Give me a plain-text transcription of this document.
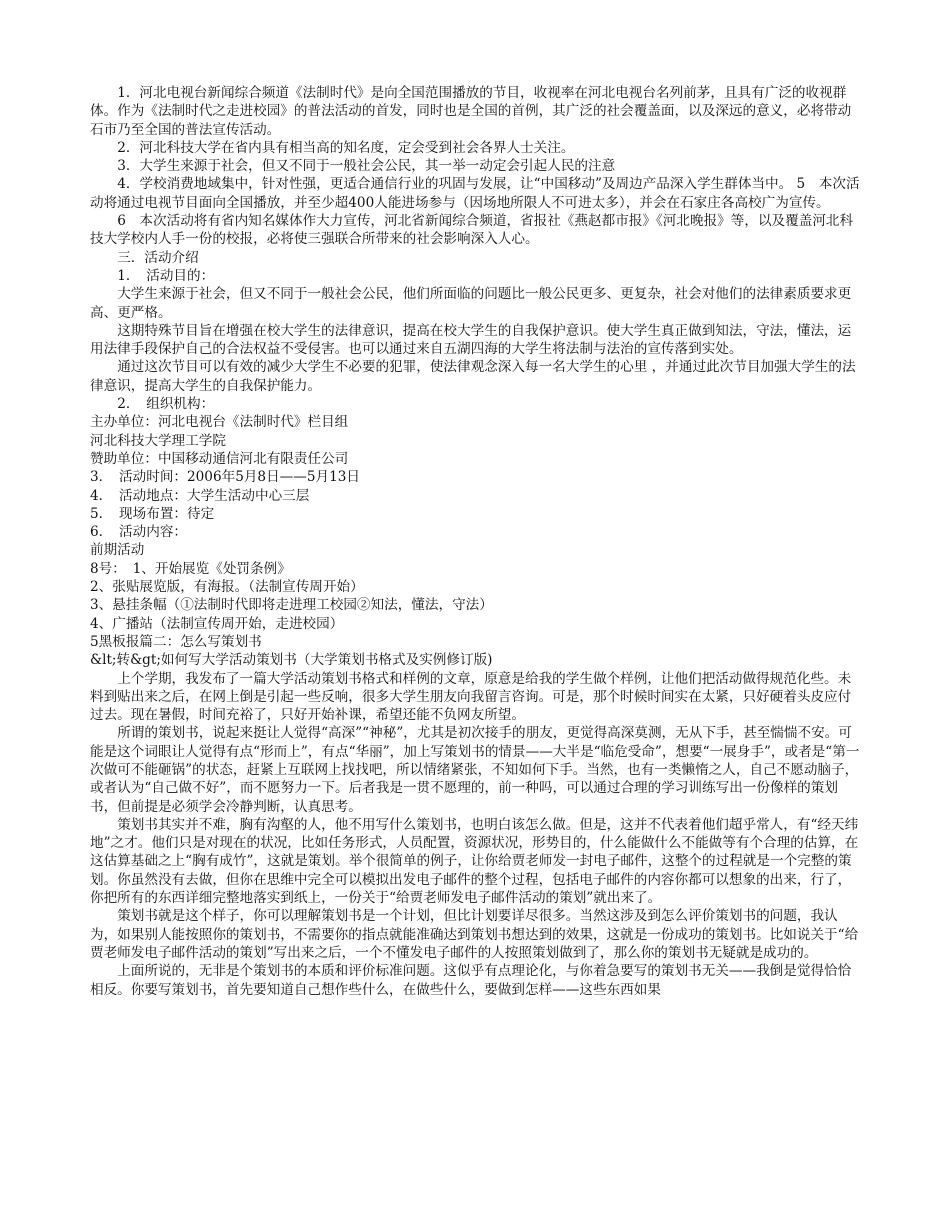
1．河北电视台新闻综合频道《法制时代》是向全国范围播放的节目，收视率在河北电视台名列前茅，且具有广泛的收视群体。作为《法制时代之走进校园》的普法活动的首发，同时也是全国的首例，其广泛的社会覆盖面，以及深远的意义，必将带动石市乃至全国的普法宣传活动。

2．河北科技大学在省内具有相当高的知名度，定会受到社会各界人士关注。

3．大学生来源于社会，但又不同于一般社会公民，其一举一动定会引起人民的注意

4．学校消费地域集中，针对性强，更适合通信行业的巩固与发展，让“中国移动”及周边产品深入学生群体当中。 5　本次活动将通过电视节目面向全国播放，并至少超400人能进场参与（因场地所限人不可进太多），并会在石家庄各高校广为宣传。

6　本次活动将有省内知名媒体作大力宣传，河北省新闻综合频道，省报社《燕赵都市报》《河北晚报》等，以及覆盖河北科技大学校内人手一份的校报，必将使三强联合所带来的社会影响深入人心。

三．活动介绍

1．　活动目的：

大学生来源于社会，但又不同于一般社会公民，他们所面临的问题比一般公民更多、更复杂，社会对他们的法律素质要求更高、更严格。

这期特殊节目旨在增强在校大学生的法律意识，提高在校大学生的自我保护意识。使大学生真正做到知法，守法，懂法，运用法律手段保护自己的合法权益不受侵害。也可以通过来自五湖四海的大学生将法制与法治的宣传落到实处。

通过这次节目可以有效的减少大学生不必要的犯罪，使法律观念深入每一名大学生的心里 ，并通过此次节目加强大学生的法律意识，提高大学生的自我保护能力。

2．　组织机构：

主办单位：河北电视台《法制时代》栏目组

河北科技大学理工学院

赞助单位：中国移动通信河北有限责任公司

3．　活动时间：2006年5月8日——5月13日

4．　活动地点：大学生活动中心三层

5．　现场布置：待定

6．　活动内容：

前期活动

8号：　1、开始展览《处罚条例》

2、张贴展览版，有海报。（法制宣传周开始）

3、悬挂条幅（①法制时代即将走进理工校园②知法，懂法，守法）

4、广播站（法制宣传周开始，走进校园）

5黑板报篇二：怎么写策划书

&lt;转&gt;如何写大学活动策划书（大学策划书格式及实例修订版)

上个学期，我发布了一篇大学活动策划书格式和样例的文章，原意是给我的学生做个样例，让他们把活动做得规范化些。未料到贴出来之后，在网上倒是引起一些反响，很多大学生朋友向我留言咨询。可是，那个时候时间实在太紧，只好硬着头皮应付过去。现在暑假，时间充裕了，只好开始补课，希望还能不负网友所望。

所谓的策划书，说起来挺让人觉得“高深”“神秘”，尤其是初次接手的朋友，更觉得高深莫测，无从下手，甚至惴惴不安。可能是这个词眼让人觉得有点“形而上”，有点“华丽”，加上写策划书的情景——大半是“临危受命”，想要“一展身手”，或者是“第一次做可不能砸锅”的状态，赶紧上互联网上找找吧，所以情绪紧张，不知如何下手。当然，也有一类懒惰之人，自己不愿动脑子，或者认为“自己做不好”，而不愿努力一下。后者我是一贯不愿理的，前一种吗，可以通过合理的学习训练写出一份像样的策划书，但前提是必须学会冷静判断，认真思考。

策划书其实并不难，胸有沟壑的人，他不用写什么策划书，也明白该怎么做。但是，这并不代表着他们超乎常人，有“经天纬地”之才。他们只是对现在的状况，比如任务形式，人员配置，资源状况，形势目的，什么能做什么不能做等有个合理的估算，在这估算基础之上“胸有成竹”，这就是策划。举个很简单的例子，让你给贾老师发一封电子邮件，这整个的过程就是一个完整的策划。你虽然没有去做，但你在思维中完全可以模拟出发电子邮件的整个过程，包括电子邮件的内容你都可以想象的出来，行了，你把所有的东西详细完整地落实到纸上，一份关于“给贾老师发电子邮件活动的策划”就出来了。

策划书就是这个样子，你可以理解策划书是一个计划，但比计划要详尽很多。当然这涉及到怎么评价策划书的问题，我认为，如果别人能按照你的策划书，不需要你的指点就能准确达到策划书想达到的效果，这就是一份成功的策划书。比如说关于“给贾老师发电子邮件活动的策划”写出来之后，一个不懂发电子邮件的人按照策划做到了，那么你的策划书无疑就是成功的。

上面所说的，无非是个策划书的本质和评价标准问题。这似乎有点理论化，与你着急要写的策划书无关——我倒是觉得恰恰相反。你要写策划书，首先要知道自己想作些什么，在做些什么，要做到怎样——这些东西如果
